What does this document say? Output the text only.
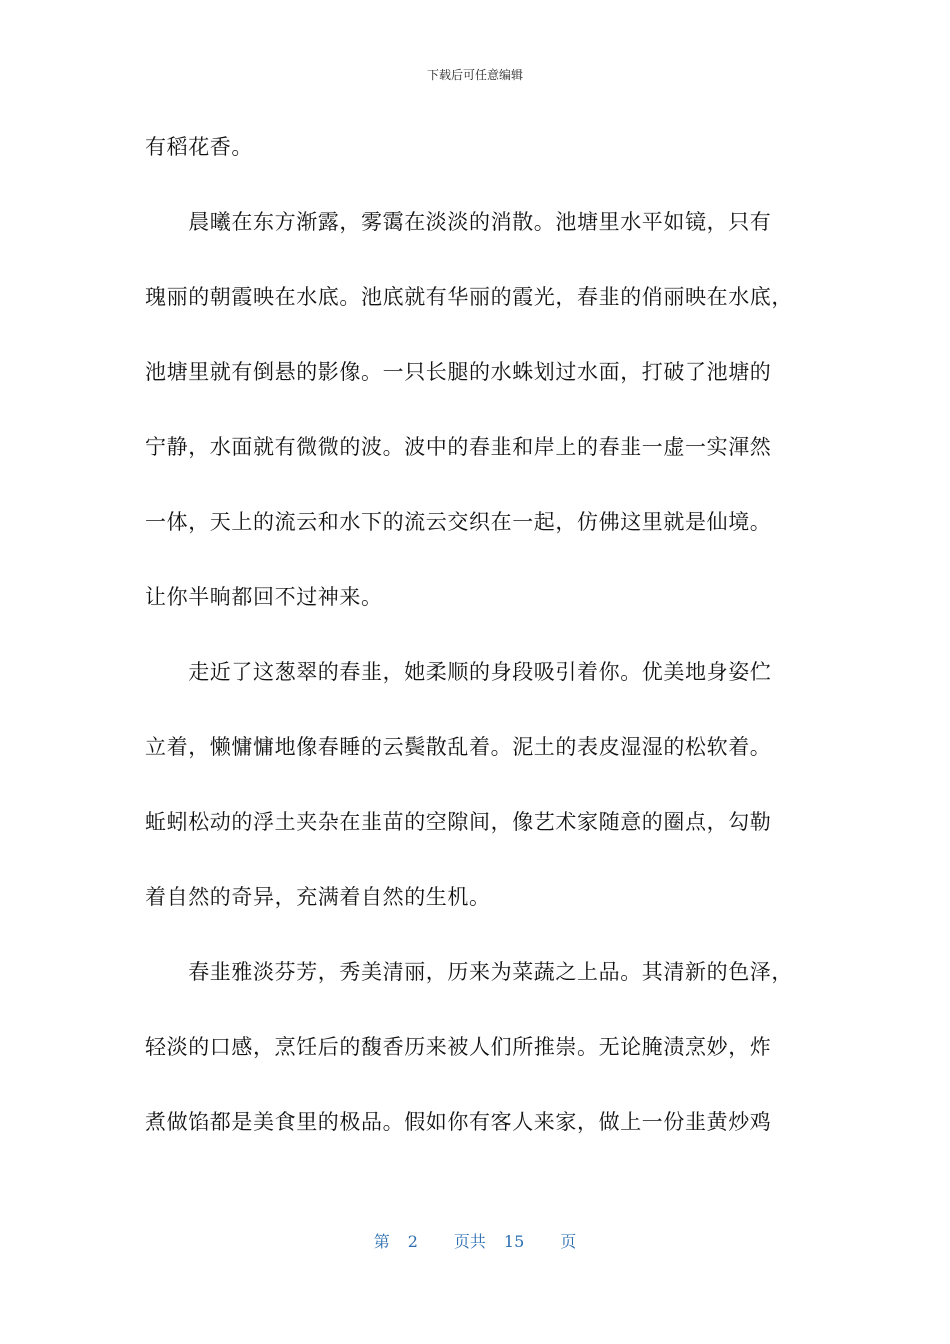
下载后可任意编辑
有稻花香。
　　晨曦在东方渐露，雾霭在淡淡的消散。池塘里水平如镜，只有
瑰丽的朝霞映在水底。池底就有华丽的霞光，春韭的俏丽映在水底，
池塘里就有倒悬的影像。一只长腿的水蛛划过水面，打破了池塘的
宁静，水面就有微微的波。波中的春韭和岸上的春韭一虚一实渾然
一体，天上的流云和水下的流云交织在一起，仿佛这里就是仙境。
让你半晌都回不过神来。
　　走近了这葱翠的春韭，她柔顺的身段吸引着你。优美地身姿伫
立着，懒慵慵地像春睡的云鬓散乱着。泥土的表皮湿湿的松软着。
蚯蚓松动的浮土夹杂在韭苗的空隙间，像艺术家随意的圈点，勾勒
着自然的奇异，充满着自然的生机。
　　春韭雅淡芬芳，秀美清丽，历来为菜蔬之上品。其清新的色泽，
轻淡的口感，烹饪后的馥香历来被人们所推崇。无论腌渍烹妙，炸
煮做馅都是美食里的极品。假如你有客人来家，做上一份韭黄炒鸡
第 2 页共 15 页
